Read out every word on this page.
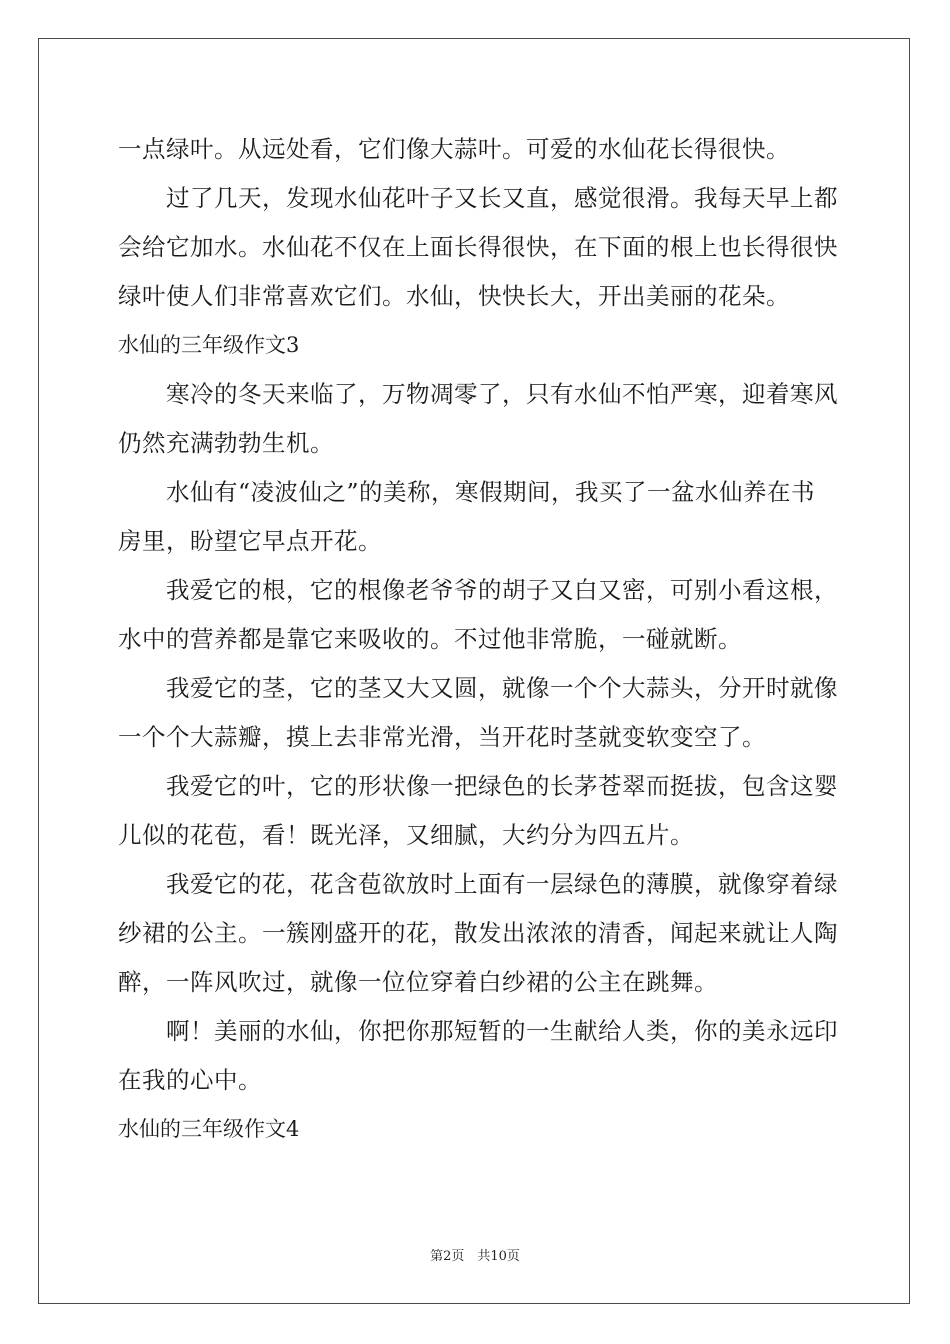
一点绿叶。从远处看，它们像大蒜叶。可爱的水仙花长得很快。
过了几天，发现水仙花叶子又长又直，感觉很滑。我每天早上都
会给它加水。水仙花不仅在上面长得很快，在下面的根上也长得很快
绿叶使人们非常喜欢它们。水仙，快快长大，开出美丽的花朵。
水仙的三年级作文3
寒冷的冬天来临了，万物凋零了，只有水仙不怕严寒，迎着寒风
仍然充满勃勃生机。
水仙有“凌波仙之”的美称，寒假期间，我买了一盆水仙养在书
房里，盼望它早点开花。
我爱它的根，它的根像老爷爷的胡子又白又密，可别小看这根，
水中的营养都是靠它来吸收的。不过他非常脆，一碰就断。
我爱它的茎，它的茎又大又圆，就像一个个大蒜头，分开时就像
一个个大蒜瓣，摸上去非常光滑，当开花时茎就变软变空了。
我爱它的叶，它的形状像一把绿色的长茅苍翠而挺拔，包含这婴
儿似的花苞，看！既光泽，又细腻，大约分为四五片。
我爱它的花，花含苞欲放时上面有一层绿色的薄膜，就像穿着绿
纱裙的公主。一簇刚盛开的花，散发出浓浓的清香，闻起来就让人陶
醉，一阵风吹过，就像一位位穿着白纱裙的公主在跳舞。
啊！美丽的水仙，你把你那短暂的一生献给人类，你的美永远印
在我的心中。
水仙的三年级作文4
第2页　共10页
